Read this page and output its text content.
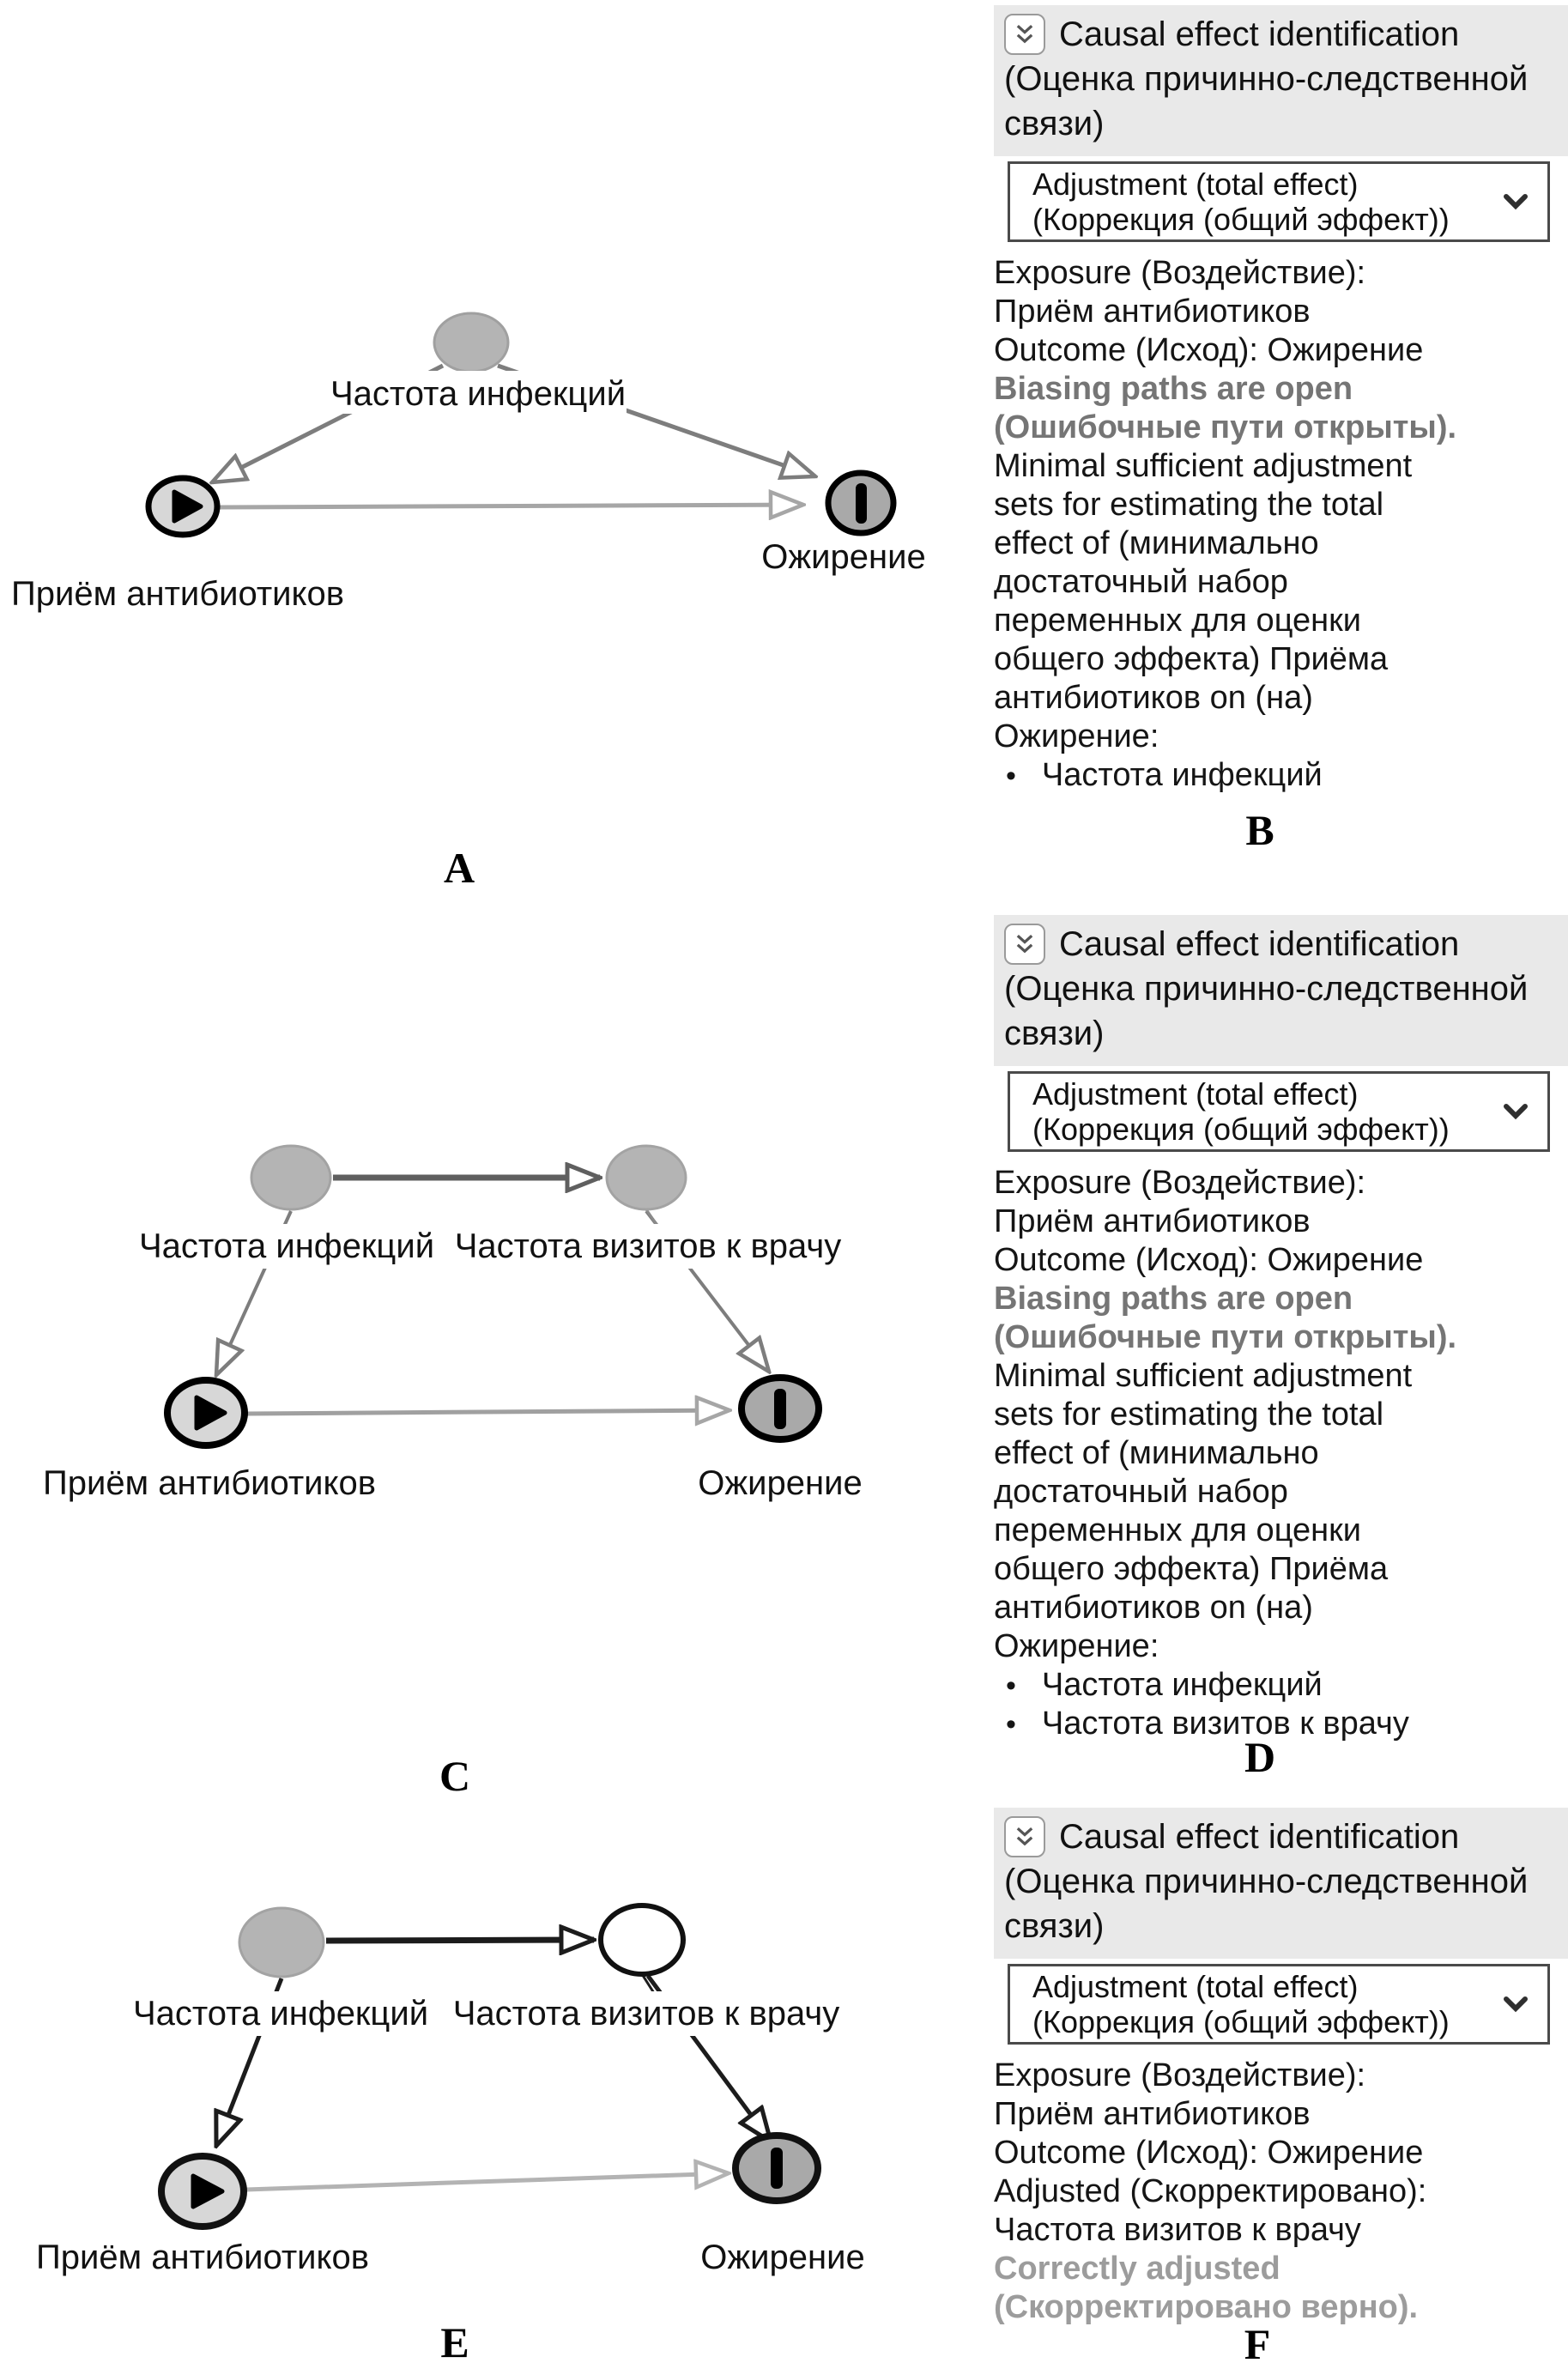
Частота инфекций
Приём антибиотиков
Ожирение
Частота инфекций Частота визитов к врачу
Приём антибиотиков	Ожирение
Частота инфекций Частота визитов к врачу
Приём антибиотиков	Ожирение
Causal effect identification
(Оценка причинно-следственной
связи)
Adjustment (total effect)
(Коррекция (общий эффект))
Exposure (Воздействие):
Приём антибиотиков
Outcome (Исход): Ожирение
Biasing paths are open
(Ошибочные пути открыты).
Minimal sufficient adjustment
sets for estimating the total
effect of (минимально
достаточный набор
переменных для оценки
общего эффекта) Приёма
антибиотиков on (на)
Ожирение:
• Частота инфекций
Causal effect identification
(Оценка причинно-следственной
связи)
Adjustment (total effect)
(Коррекция (общий эффект))
Exposure (Воздействие):
Приём антибиотиков
Outcome (Исход): Ожирение
Biasing paths are open
(Ошибочные пути открыты).
Minimal sufficient adjustment
sets for estimating the total
effect of (минимально
достаточный набор
переменных для оценки
общего эффекта) Приёма
антибиотиков on (на)
Ожирение:
• Частота инфекций
• Частота визитов к врачу
Causal effect identification
(Оценка причинно-следственной
связи)
Adjustment (total effect)
(Коррекция (общий эффект))
Exposure (Воздействие):
Приём антибиотиков
Outcome (Исход): Ожирение
Adjusted (Скорректировано):
Частота визитов к врачу
Correctly adjusted
(Скорректировано верно).
A
B
C	D
E	F
